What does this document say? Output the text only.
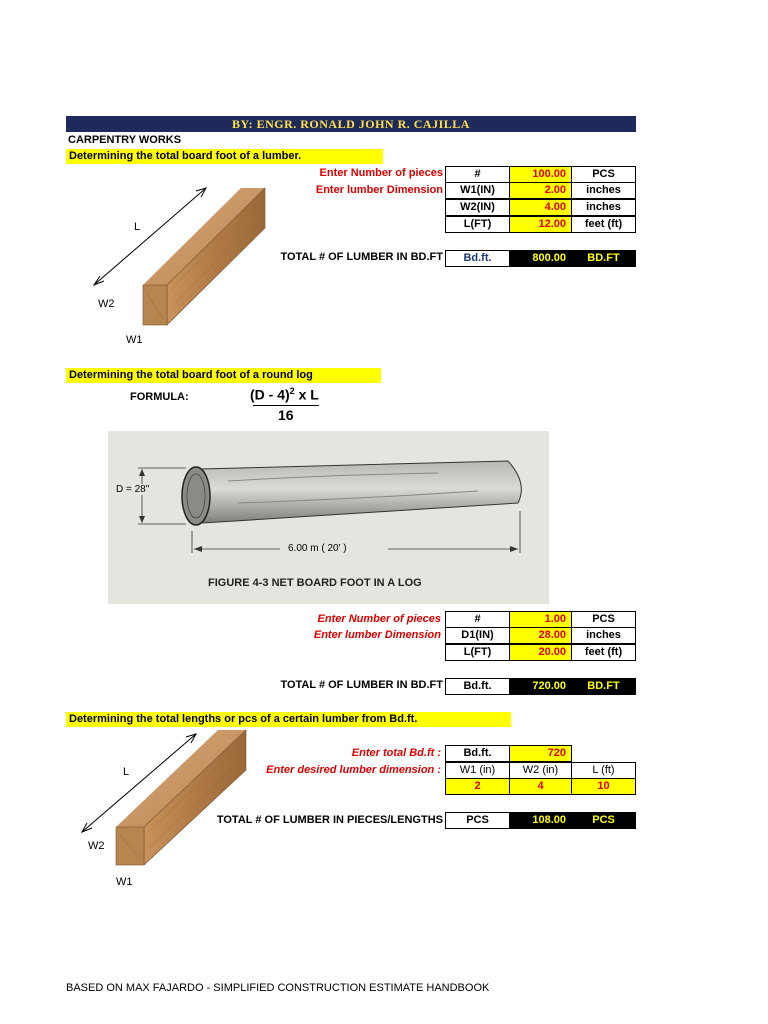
BY: ENGR. RONALD JOHN R. CAJILLA
CARPENTRY WORKS
Determining the total board foot of a lumber.
L
W2
W1
Enter Number of pieces
Enter lumber Dimension
#	100.00	PCS
W1(IN)	2.00	inches
W2(IN)	4.00	inches
L(FT)	12.00	feet (ft)
TOTAL # OF LUMBER IN BD.FT	Bd.ft.	800.00	BD.FT
Determining the total board foot of a round log
FORMULA:	(D - 4)$^2$ x L
16
D = 28"
6.00 m ( 20' )
FIGURE 4-3 NET BOARD FOOT IN A LOG
Enter Number of pieces
Enter lumber Dimension
#	1.00	PCS
D1(IN)	28.00	inches
L(FT)	20.00	feet (ft)
TOTAL # OF LUMBER IN BD.FT	Bd.ft.	720.00	BD.FT
Determining the total lengths or pcs of a certain lumber from Bd.ft.
L
W2
W1
Enter total Bd.ft :
Enter desired lumber dimension :
Bd.ft.	720
W1 (in)	W2 (in)	L (ft)
2	4	10
TOTAL # OF LUMBER IN PIECES/LENGTHS	PCS	108.00	PCS
BASED ON MAX FAJARDO - SIMPLIFIED CONSTRUCTION ESTIMATE HANDBOOK
